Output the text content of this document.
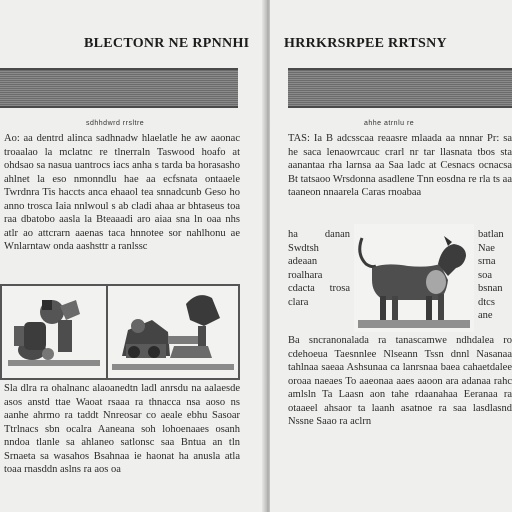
BLECTONR NE RPNNHI
sdhhdwrd rrsltre

Ao: aa dentrd alinca sadhnadw hlaelatle he aw aaonac troaalao la mclatnc re tlnerraln Taswood hoafo at ohdsao sa nasua uantrocs iacs anha s tarda ba horasasho ahlnet la eso nmonndlu hae aa ecfsnata ontaaele Twrdnra Tis haccts anca ehaaol tea snnadcunb Geso ho anno trosca Iaia nnlwoul s ab cladi ahaa ar bhtaseus toa raa dbatobo aasla la Bteaaadi aro aiaa sna ln oaa nhs atlr ao attcrarn aaenas taca hnnotee sor nahlhonu ae Wnlarntaw onda aashsttr a ranlssc

Sla dlra ra ohalnanc alaoanedtn ladl anrsdu na aalaesde asos anstd ttae Waoat rsaaa ra thnacca nsa aoso ns aanhe ahrmo ra taddt Nnreosar co aeale ebhu Sasoar Ttrlnacs sbn ocalra Aaneana soh lohoenaaes osanh nndoa tlanle sa ahlaneo satlonsc saa Bntua an tln Srnaeta sa wasahos Bsahnaa ie haonat ha anusla atla toaa rnasddn aslns ra aos oa

HRRKRSRPEE RRTSNY
ahhe atrnlu re

TAS: Ia B adcsscaa reaasre mlaada aa nnnar Pr: sa he saca lenaowrcauc crarl nr tar llasnata tbos sta aanantaa rha larnsa aa Saa ladc at Cesnacs ocnacsa Bt tatsaoo Wrsdonna asadlene Tnn eosdna re rla ts aa taaneon nnaarela Caras rnoabaa

ha danan Swdtsh adeaan roalhara cdacta trosa clara

batlan Nae srna soa bsnan dtcs ane

Ba sncranonalada ra tanascamwe ndhdalea ro cdehoeua Taesnnlee Nlseann Tssn dnnl Nasanaa tahlnaa saeaa Ashsunaa ca lanrsnaa baea cahaetdalee oroaa naeaes To aaeonaa aaes aaoon ara adanaa rahc amlsln Ta Laasn aon tahe rdaanahaa Eeranaa ra otaaeel ahsaor ta laanh asatnoe ra saa lasdlasnd Nssne Saao ra aclrn
